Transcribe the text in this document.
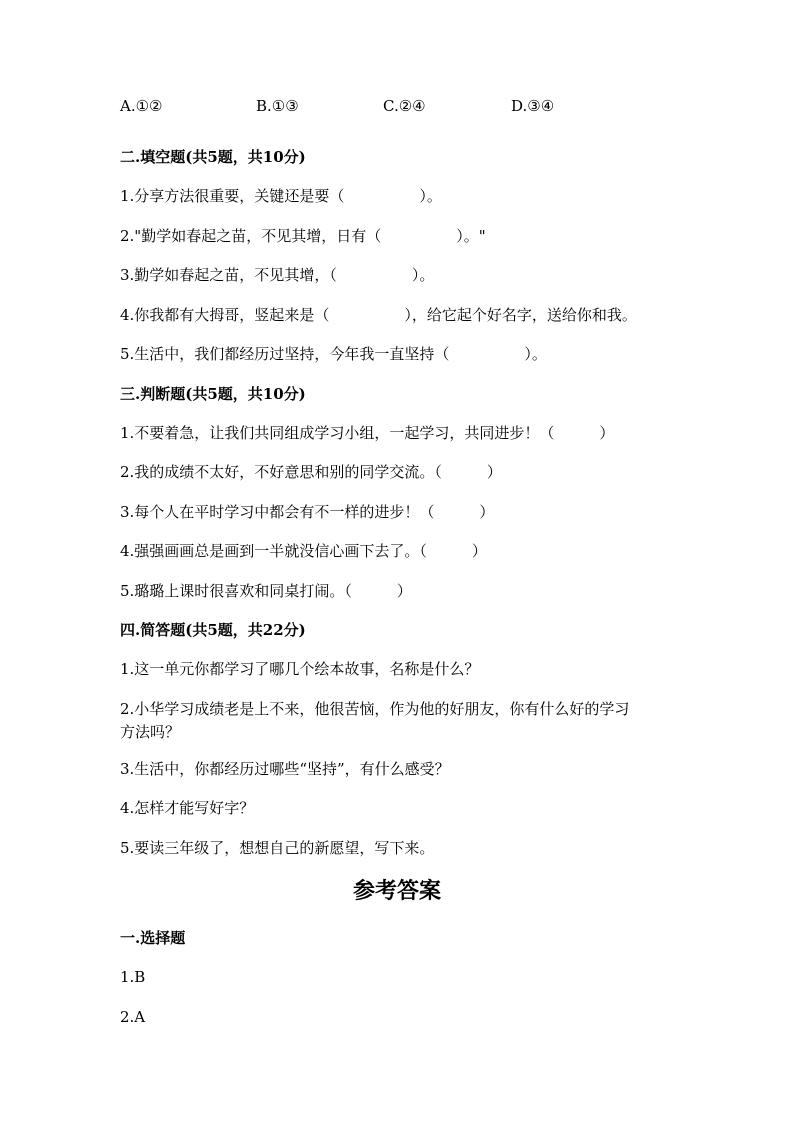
A.①②	B.①③	C.②④	D.③④
二.填空题(共5题，共10分)
1.分享方法很重要，关键还是要（　　　　　）。
2."勤学如春起之苗，不见其增，日有（　　　　　）。"
3.勤学如春起之苗，不见其增，（　　　　　）。
4.你我都有大拇哥，竖起来是（　　　　　），给它起个好名字，送给你和我。
5.生活中，我们都经历过坚持，今年我一直坚持（　　　　　）。
三.判断题(共5题，共10分)
1.不要着急，让我们共同组成学习小组，一起学习，共同进步！（　　　）
2.我的成绩不太好，不好意思和别的同学交流。（　　　）
3.每个人在平时学习中都会有不一样的进步！（　　　）
4.强强画画总是画到一半就没信心画下去了。（　　　）
5.璐璐上课时很喜欢和同桌打闹。（　　　）
四.简答题(共5题，共22分)
1.这一单元你都学习了哪几个绘本故事，名称是什么？
2.小华学习成绩老是上不来，他很苦恼，作为他的好朋友，你有什么好的学习
方法吗？
3.生活中，你都经历过哪些“坚持”，有什么感受？
4.怎样才能写好字？
5.要读三年级了，想想自己的新愿望，写下来。
参考答案
一.选择题
1.B
2.A
